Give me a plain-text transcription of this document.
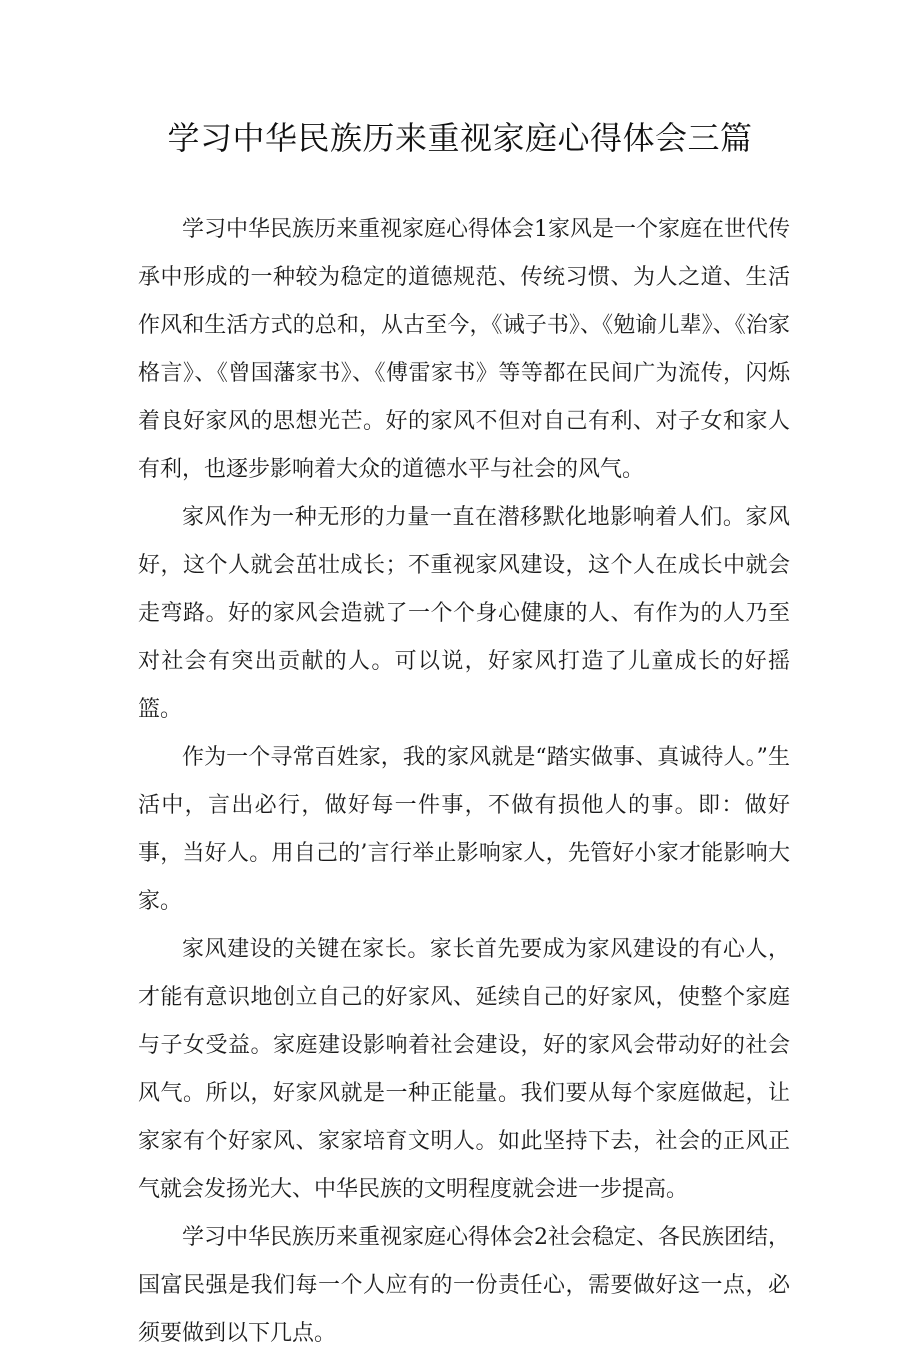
学习中华民族历来重视家庭心得体会三篇

学习中华民族历来重视家庭心得体会1家风是一个家庭在世代传承中形成的一种较为稳定的道德规范、传统习惯、为人之道、生活作风和生活方式的总和，从古至今，《诫子书》、《勉谕儿辈》、《治家格言》、《曾国藩家书》、《傅雷家书》等等都在民间广为流传，闪烁着良好家风的思想光芒。好的家风不但对自己有利、对子女和家人有利，也逐步影响着大众的道德水平与社会的风气。

家风作为一种无形的力量一直在潜移默化地影响着人们。家风好，这个人就会茁壮成长；不重视家风建设，这个人在成长中就会走弯路。好的家风会造就了一个个身心健康的人、有作为的人乃至对社会有突出贡献的人。可以说，好家风打造了儿童成长的好摇篮。

作为一个寻常百姓家，我的家风就是“踏实做事、真诚待人。”生活中，言出必行，做好每一件事，不做有损他人的事。即：做好事，当好人。用自己的’言行举止影响家人，先管好小家才能影响大家。

家风建设的关键在家长。家长首先要成为家风建设的有心人，才能有意识地创立自己的好家风、延续自己的好家风，使整个家庭与子女受益。家庭建设影响着社会建设，好的家风会带动好的社会风气。所以，好家风就是一种正能量。我们要从每个家庭做起，让家家有个好家风、家家培育文明人。如此坚持下去，社会的正风正气就会发扬光大、中华民族的文明程度就会进一步提高。

学习中华民族历来重视家庭心得体会2社会稳定、各民族团结，国富民强是我们每一个人应有的一份责任心，需要做好这一点，必须要做到以下几点。
